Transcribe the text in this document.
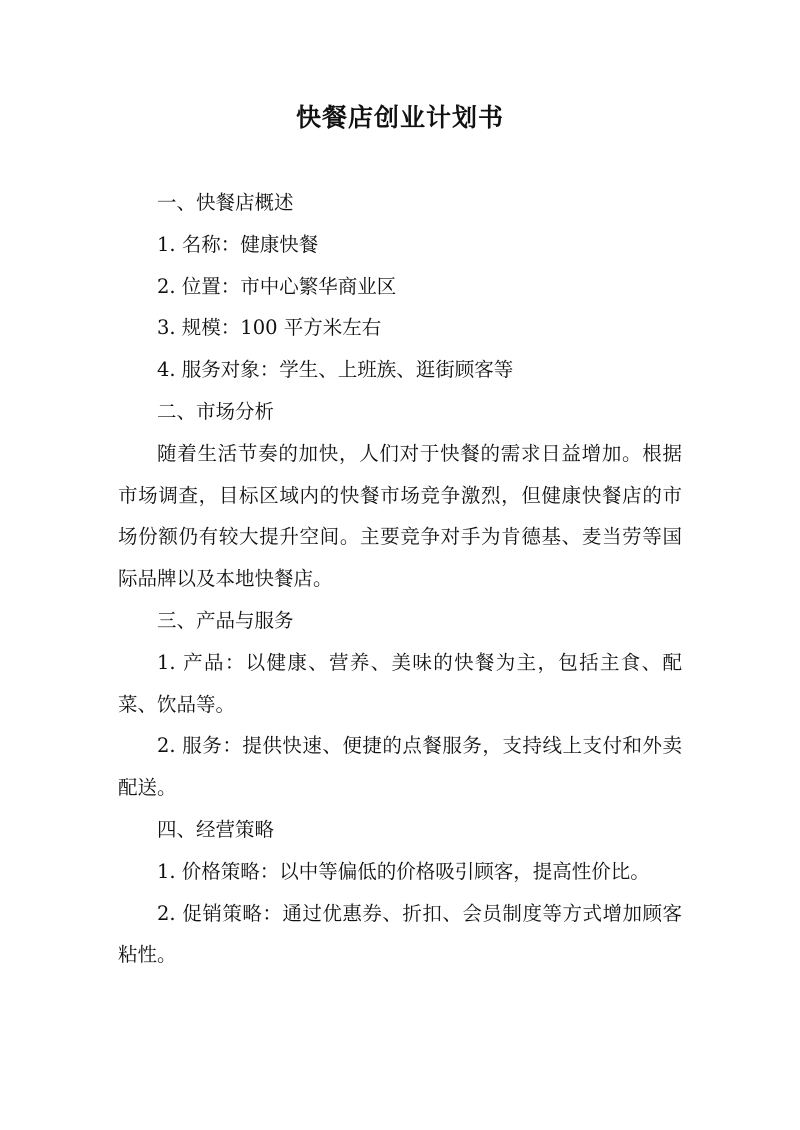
快餐店创业计划书

一、快餐店概述

1. 名称：健康快餐

2. 位置：市中心繁华商业区

3. 规模：100 平方米左右

4. 服务对象：学生、上班族、逛街顾客等

二、市场分析

随着生活节奏的加快，人们对于快餐的需求日益增加。根据市场调查，目标区域内的快餐市场竞争激烈，但健康快餐店的市场份额仍有较大提升空间。主要竞争对手为肯德基、麦当劳等国际品牌以及本地快餐店。

三、产品与服务

1. 产品：以健康、营养、美味的快餐为主，包括主食、配菜、饮品等。

2. 服务：提供快速、便捷的点餐服务，支持线上支付和外卖配送。

四、经营策略

1. 价格策略：以中等偏低的价格吸引顾客，提高性价比。

2. 促销策略：通过优惠券、折扣、会员制度等方式增加顾客粘性。
